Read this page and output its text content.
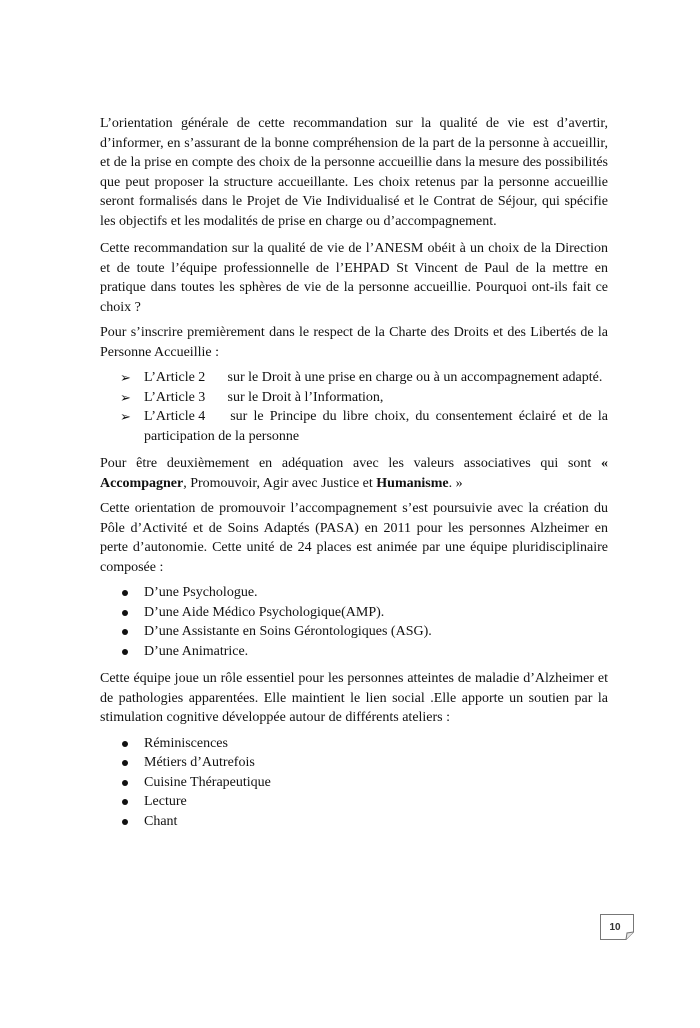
L’orientation générale de cette recommandation sur la qualité de vie est d’avertir, d’informer, en s’assurant de la bonne compréhension de la part de la personne à accueillir, et de la prise en compte des choix de la personne accueillie dans la mesure des possibilités que peut proposer la structure accueillante. Les choix retenus par la personne accueillie seront formalisés dans le Projet de Vie Individualisé et le Contrat de Séjour, qui spécifie les objectifs et les modalités de prise en charge ou d’accompagnement.

Cette recommandation sur la qualité de vie de l’ANESM obéit à un choix de la Direction et de toute l’équipe professionnelle de l’EHPAD St Vincent de Paul de la mettre en pratique dans toutes les sphères de vie de la personne accueillie. Pourquoi ont-ils fait ce choix ?

Pour s’inscrire premièrement dans le respect de la Charte des Droits et des Libertés de la Personne Accueillie :

➢ L’Article 2 sur le Droit à une prise en charge ou à un accompagnement adapté.
➢ L’Article 3 sur le Droit à l’Information,
➢ L’Article 4 sur le Principe du libre choix, du consentement éclairé et de la participation de la personne

Pour être deuxièmement en adéquation avec les valeurs associatives qui sont « Accompagner, Promouvoir, Agir avec Justice et Humanisme. »

Cette orientation de promouvoir l’accompagnement s’est poursuivie avec la création du Pôle d’Activité et de Soins Adaptés (PASA) en 2011 pour les personnes Alzheimer en perte d’autonomie. Cette unité de 24 places est animée par une équipe pluridisciplinaire composée :

D’une Psychologue.
D’une Aide Médico Psychologique(AMP).
D’une Assistante en Soins Gérontologiques (ASG).
D’une Animatrice.

Cette équipe joue un rôle essentiel pour les personnes atteintes de maladie d’Alzheimer et de pathologies apparentées. Elle maintient le lien social .Elle apporte un soutien par la stimulation cognitive développée autour de différents ateliers :

Réminiscences
Métiers d’Autrefois
Cuisine Thérapeutique
Lecture
Chant
10
